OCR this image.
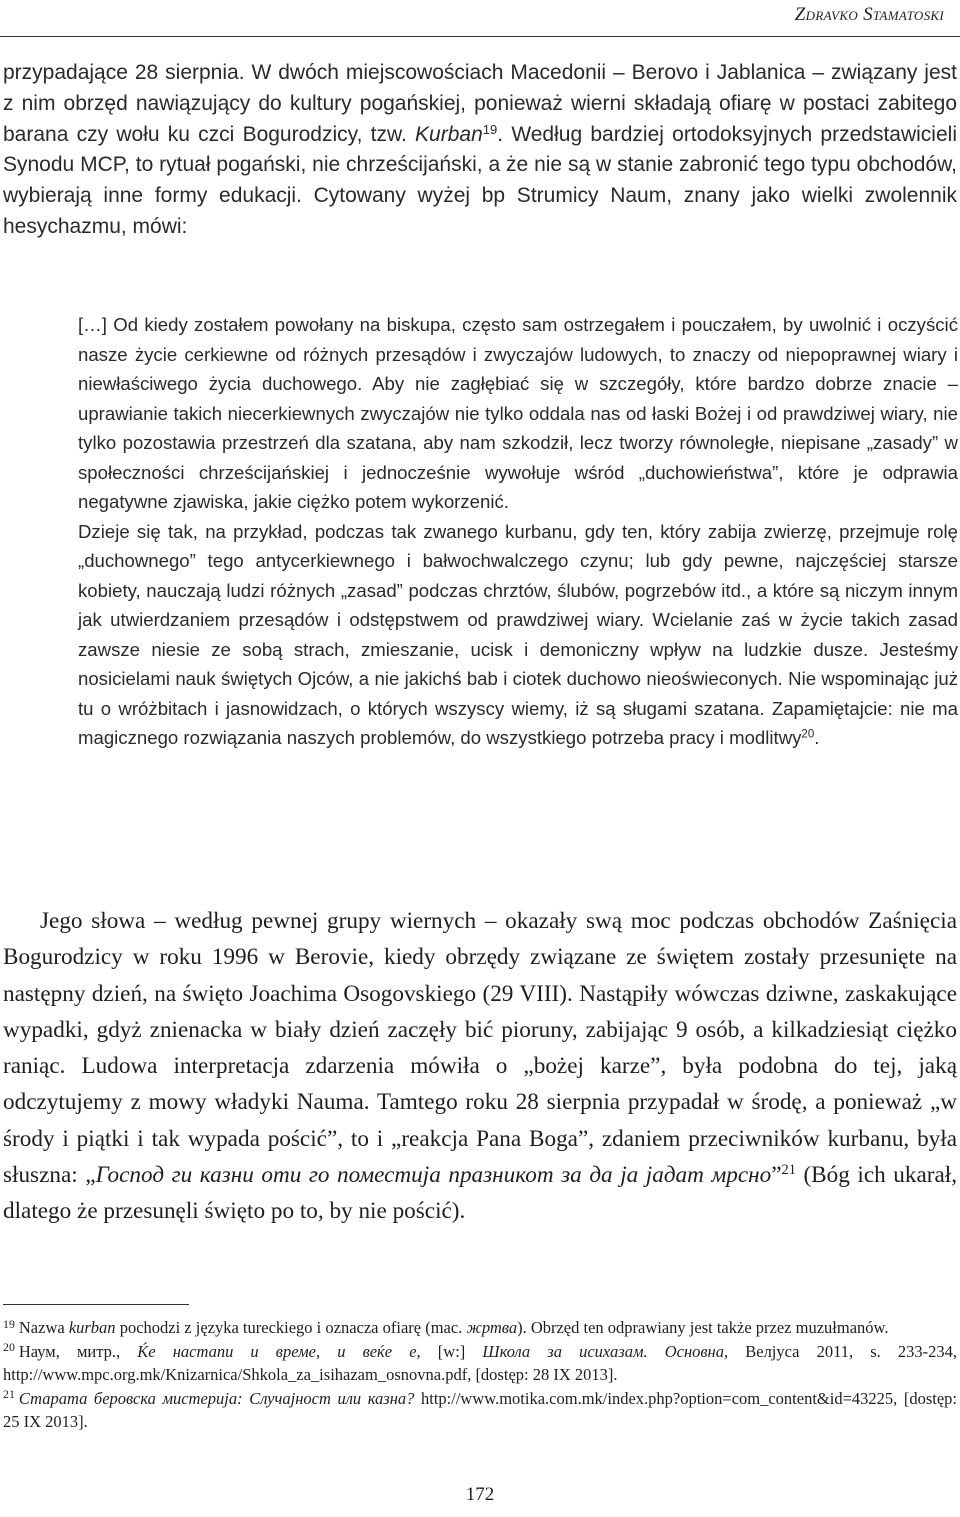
Zdravko Stamatoski

przypadające 28 sierpnia. W dwóch miejscowościach Macedonii – Berovo i Jablanica – związany jest z nim obrzęd nawiązujący do kultury pogańskiej, ponieważ wierni składają ofiarę w postaci zabitego barana czy wołu ku czci Bogurodzicy, tzw. Kurban$^{19}$. Według bardziej ortodoksyjnych przedstawicieli Synodu MCP, to rytuał pogański, nie chrześcijański, a że nie są w stanie zabronić tego typu obchodów, wybierają inne formy edukacji. Cytowany wyżej bp Strumicy Naum, znany jako wielki zwolennik hesychazmu, mówi:

[…] Od kiedy zostałem powołany na biskupa, często sam ostrzegałem i pouczałem, by uwolnić i oczyścić nasze życie cerkiewne od różnych przesądów i zwyczajów ludowych, to znaczy od niepoprawnej wiary i niewłaściwego życia duchowego. Aby nie zagłębiać się w szczegóły, które bardzo dobrze znacie – uprawianie takich niecerkiewnych zwyczajów nie tylko oddala nas od łaski Bożej i od prawdziwej wiary, nie tylko pozostawia przestrzeń dla szatana, aby nam szkodził, lecz tworzy równoległe, niepisane „zasady” w społeczności chrześcijańskiej i jednocześnie wywołuje wśród „duchowieństwa”, które je odprawia negatywne zjawiska, jakie ciężko potem wykorzenić.

Dzieje się tak, na przykład, podczas tak zwanego kurbanu, gdy ten, który zabija zwierzę, przejmuje rolę „duchownego” tego antycerkiewnego i bałwochwalczego czynu; lub gdy pewne, najczęściej starsze kobiety, nauczają ludzi różnych „zasad” podczas chrztów, ślubów, pogrzebów itd., a które są niczym innym jak utwierdzaniem przesądów i odstępstwem od prawdziwej wiary. Wcielanie zaś w życie takich zasad zawsze niesie ze sobą strach, zmieszanie, ucisk i demoniczny wpływ na ludzkie dusze. Jesteśmy nosicielami nauk świętych Ojców, a nie jakichś bab i ciotek duchowo nieoświeconych. Nie wspominając już tu o wróżbitach i jasnowidzach, o których wszyscy wiemy, iż są sługami szatana. Zapamiętajcie: nie ma magicznego rozwiązania naszych problemów, do wszystkiego potrzeba pracy i modlitwy$^{20}$.

Jego słowa – według pewnej grupy wiernych – okazały swą moc podczas obchodów Zaśnięcia Bogurodzicy w roku 1996 w Berovie, kiedy obrzędy związane ze świętem zostały przesunięte na następny dzień, na święto Joachima Osogovskiego (29 VIII). Nastąpiły wówczas dziwne, zaskakujące wypadki, gdyż znienacka w biały dzień zaczęły bić pioruny, zabijając 9 osób, a kilkadziesiąt ciężko raniąc. Ludowa interpretacja zdarzenia mówiła o „bożej karze”, była podobna do tej, jaką odczytujemy z mowy władyki Nauma. Tamtego roku 28 sierpnia przypadał w środę, a ponieważ „w środy i piątki i tak wypada pościć”, to i „reakcja Pana Boga”, zdaniem przeciwników kurbanu, była słuszna: „Господ ги казни оти го поместија празникот за да ја јадат мрсно”$^{21}$ (Bóg ich ukarał, dlatego że przesunęli święto po to, by nie pościć).

$^{19}$ Nazwa kurban pochodzi z języka tureckiego i oznacza ofiarę (mac. жртва). Obrzęd ten odprawiany jest także przez muzułmanów.

$^{20}$ Наум, митр., Ќе настапи и време, и веќе е, [w:] Школа за исихазам. Основна, Велјуса 2011, s. 233-234, http://www.mpc.org.mk/Knizarnica/Shkola_za_isihazam_osnovna.pdf, [dostęp: 28 IX 2013].

$^{21}$ Старата беровска мистерија: Случајност или казна? http://www.motika.com.mk/index.php?option=com_content&id=43225, [dostęp: 25 IX 2013].

172
